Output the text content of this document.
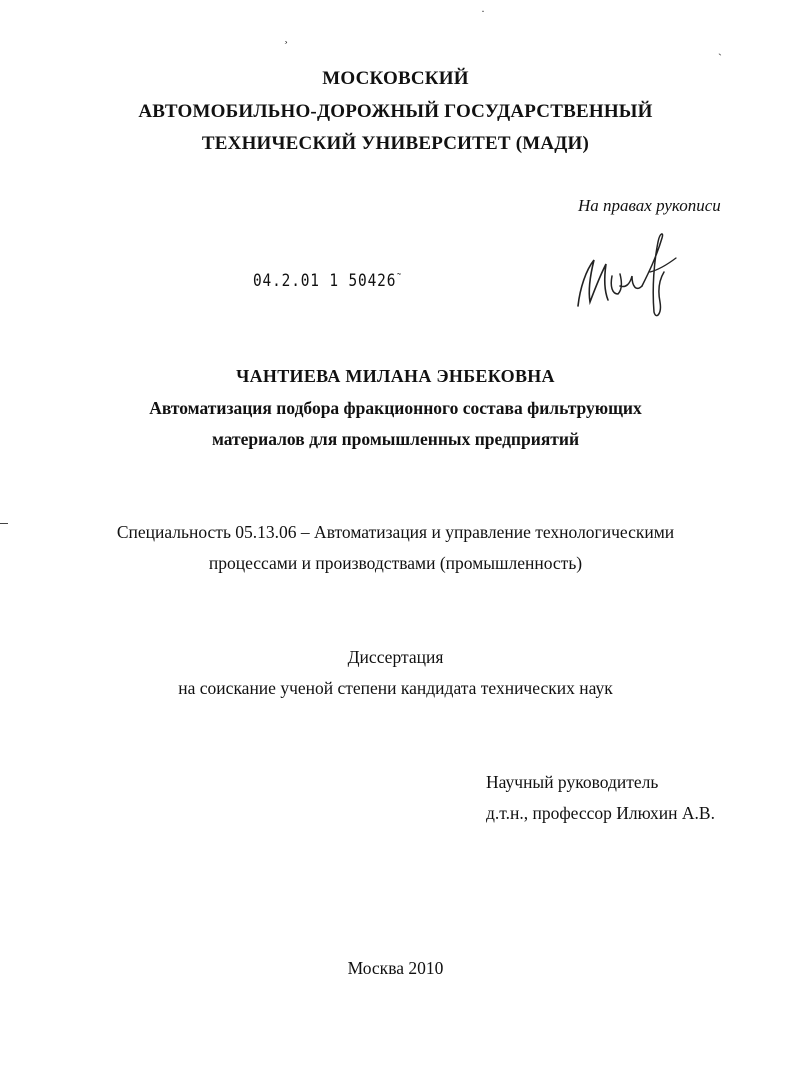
¸
·
ˎ
МОСКОВСКИЙ
АВТОМОБИЛЬНО-ДОРОЖНЫЙ ГОСУДАРСТВЕННЫЙ
ТЕХНИЧЕСКИЙ УНИВЕРСИТЕТ (МАДИ)
На правах рукописи
04.2.01 1 50426 ˜
ЧАНТИЕВА МИЛАНА ЭНБЕКОВНА
Автоматизация подбора фракционного состава фильтрующих
материалов для промышленных предприятий
Специальность 05.13.06 – Автоматизация и управление технологическими
процессами и производствами (промышленность)
Диссертация
на соискание ученой степени кандидата технических наук
Научный руководитель
д.т.н., профессор Илюхин А.В.
Москва 2010
